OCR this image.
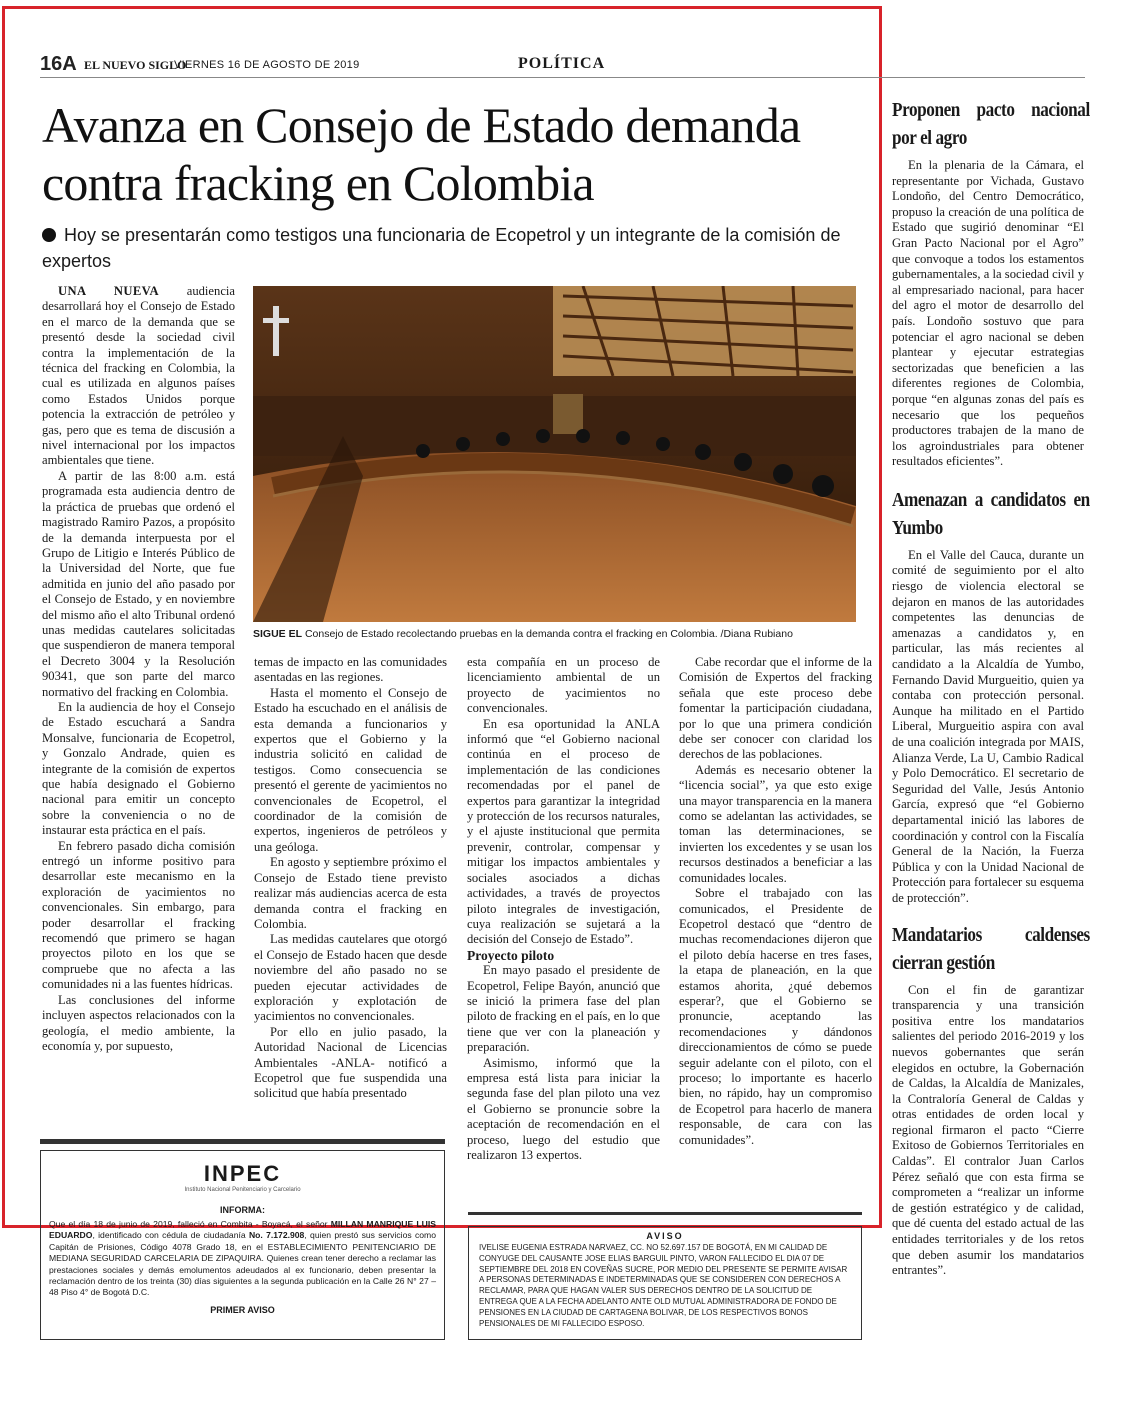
16A EL NUEVO SIGLO
VIERNES 16 DE AGOSTO DE 2019	POLÍTICA
Avanza en Consejo de Estado demanda contra fracking en Colombia
Hoy se presentarán como testigos una funcionaria de Ecopetrol y un integrante de la comisión de expertos

UNA NUEVA audiencia desarrollará hoy el Consejo de Estado en el marco de la demanda que se presentó desde la sociedad civil contra la implementación de la técnica del fracking en Colombia, la cual es utilizada en algunos países como Estados Unidos porque potencia la extracción de petróleo y gas, pero que es tema de discusión a nivel internacional por los impactos ambientales que tiene.

A partir de las 8:00 a.m. está programada esta audiencia dentro de la práctica de pruebas que ordenó el magistrado Ramiro Pazos, a propósito de la demanda interpuesta por el Grupo de Litigio e Interés Público de la Universidad del Norte, que fue admitida en junio del año pasado por el Consejo de Estado, y en noviembre del mismo año el alto Tribunal ordenó unas medidas cautelares solicitadas que suspendieron de manera temporal el Decreto 3004 y la Resolución 90341, que son parte del marco normativo del fracking en Colombia.

En la audiencia de hoy el Consejo de Estado escuchará a Sandra Monsalve, funcionaria de Ecopetrol, y Gonzalo Andrade, quien es integrante de la comisión de expertos que había designado el Gobierno nacional para emitir un concepto sobre la conveniencia o no de instaurar esta práctica en el país.

En febrero pasado dicha comisión entregó un informe positivo para desarrollar este mecanismo en la exploración de yacimientos no convencionales. Sin embargo, para poder desarrollar el fracking recomendó que primero se hagan proyectos piloto en los que se compruebe que no afecta a las comunidades ni a las fuentes hídricas.

Las conclusiones del informe incluyen aspectos relacionados con la geología, el medio ambiente, la economía y, por supuesto,

SIGUE EL Consejo de Estado recolectando pruebas en la demanda contra el fracking en Colombia. /Diana Rubiano

temas de impacto en las comunidades asentadas en las regiones.

Hasta el momento el Consejo de Estado ha escuchado en el análisis de esta demanda a funcionarios y expertos que el Gobierno y la industria solicitó en calidad de testigos. Como consecuencia se presentó el gerente de yacimientos no convencionales de Ecopetrol, el coordinador de la comisión de expertos, ingenieros de petróleos y una geóloga.

En agosto y septiembre próximo el Consejo de Estado tiene previsto realizar más audiencias acerca de esta demanda contra el fracking en Colombia.

Las medidas cautelares que otorgó el Consejo de Estado hacen que desde noviembre del año pasado no se pueden ejecutar actividades de exploración y explotación de yacimientos no convencionales.

Por ello en julio pasado, la Autoridad Nacional de Licencias Ambientales -ANLA- notificó a Ecopetrol que fue suspendida una solicitud que había presentado

esta compañía en un proceso de licenciamiento ambiental de un proyecto de yacimientos no convencionales.

En esa oportunidad la ANLA informó que “el Gobierno nacional continúa en el proceso de implementación de las condiciones recomendadas por el panel de expertos para garantizar la integridad y protección de los recursos naturales, y el ajuste institucional que permita prevenir, controlar, compensar y mitigar los impactos ambientales y sociales asociados a dichas actividades, a través de proyectos piloto integrales de investigación, cuya realización se sujetará a la decisión del Consejo de Estado”.

Proyecto piloto

En mayo pasado el presidente de Ecopetrol, Felipe Bayón, anunció que se inició la primera fase del plan piloto de fracking en el país, en lo que tiene que ver con la planeación y preparación.

Asimismo, informó que la empresa está lista para iniciar la segunda fase del plan piloto una vez el Gobierno se pronuncie sobre la aceptación de recomendación en el proceso, luego del estudio que realizaron 13 expertos.

Cabe recordar que el informe de la Comisión de Expertos del fracking señala que este proceso debe fomentar la participación ciudadana, por lo que una primera condición debe ser conocer con claridad los derechos de las poblaciones.

Además es necesario obtener la “licencia social”, ya que esto exige una mayor transparencia en la manera como se adelantan las actividades, se toman las determinaciones, se invierten los excedentes y se usan los recursos destinados a beneficiar a las comunidades locales.

Sobre el trabajado con las comunicados, el Presidente de Ecopetrol destacó que “dentro de muchas recomendaciones dijeron que el piloto debía hacerse en tres fases, la etapa de planeación, en la que estamos ahorita, ¿qué debemos esperar?, que el Gobierno se pronuncie, aceptando las recomendaciones y dándonos direccionamientos de cómo se puede seguir adelante con el piloto, con el proceso; lo importante es hacerlo bien, no rápido, hay un compromiso de Ecopetrol para hacerlo de manera responsable, de cara con las comunidades”.

Proponen pacto nacional por el agro

En la plenaria de la Cámara, el representante por Vichada, Gustavo Londoño, del Centro Democrático, propuso la creación de una política de Estado que sugirió denominar “El Gran Pacto Nacional por el Agro” que convoque a todos los estamentos gubernamentales, a la sociedad civil y al empresariado nacional, para hacer del agro el motor de desarrollo del país. Londoño sostuvo que para potenciar el agro nacional se deben plantear y ejecutar estrategias sectorizadas que beneficien a las diferentes regiones de Colombia, porque “en algunas zonas del país es necesario que los pequeños productores trabajen de la mano de los agroindustriales para obtener resultados eficientes”.

Amenazan a candidatos en Yumbo

En el Valle del Cauca, durante un comité de seguimiento por el alto riesgo de violencia electoral se dejaron en manos de las autoridades competentes las denuncias de amenazas a candidatos y, en particular, las más recientes al candidato a la Alcaldía de Yumbo, Fernando David Murgueitio, quien ya contaba con protección personal. Aunque ha militado en el Partido Liberal, Murgueitio aspira con aval de una coalición integrada por MAIS, Alianza Verde, La U, Cambio Radical y Polo Democrático. El secretario de Seguridad del Valle, Jesús Antonio García, expresó que “el Gobierno departamental inició las labores de coordinación y control con la Fiscalía General de la Nación, la Fuerza Pública y con la Unidad Nacional de Protección para fortalecer su esquema de protección”.

Mandatarios caldenses cierran gestión

Con el fin de garantizar transparencia y una transición positiva entre los mandatarios salientes del periodo 2016-2019 y los nuevos gobernantes que serán elegidos en octubre, la Gobernación de Caldas, la Alcaldía de Manizales, la Contraloría General de Caldas y otras entidades de orden local y regional firmaron el pacto “Cierre Exitoso de Gobiernos Territoriales en Caldas”. El contralor Juan Carlos Pérez señaló que con esta firma se comprometen a “realizar un informe de gestión estratégico y de calidad, que dé cuenta del estado actual de las entidades territoriales y de los retos que deben asumir los mandatarios entrantes”.

INPEC
Instituto Nacional Penitenciario y Carcelario
INFORMA:
Que el día 18 de junio de 2019, falleció en Combita - Boyacá, el señor MILLAN MANRIQUE LUIS EDUARDO, identificado con cédula de ciudadanía No. 7.172.908, quien prestó sus servicios como Capitán de Prisiones, Código 4078 Grado 18, en el ESTABLECIMIENTO PENITENCIARIO DE MEDIANA SEGURIDAD CARCELARIA DE ZIPAQUIRA. Quienes crean tener derecho a reclamar las prestaciones sociales y demás emolumentos adeudados al ex funcionario, deben presentar la reclamación dentro de los treinta (30) días siguientes a la segunda publicación en la Calle 26 N° 27 – 48 Piso 4° de Bogotá D.C.
PRIMER AVISO
AVISO
IVELISE EUGENIA ESTRADA NARVAEZ, CC. NO 52.697.157 DE BOGOTÁ, EN MI CALIDAD DE CONYUGE DEL CAUSANTE JOSE ELIAS BARGUIL PINTO, VARON FALLECIDO EL DIA 07 DE SEPTIEMBRE DEL 2018 EN COVEÑAS SUCRE, POR MEDIO DEL PRESENTE SE PERMITE AVISAR A PERSONAS DETERMINADAS E INDETERMINADAS QUE SE CONSIDEREN CON DERECHOS A RECLAMAR, PARA QUE HAGAN VALER SUS DERECHOS DENTRO DE LA SOLICITUD DE ENTREGA QUE A LA FECHA ADELANTO ANTE OLD MUTUAL ADMINISTRADORA DE FONDO DE PENSIONES EN LA CIUDAD DE CARTAGENA BOLIVAR, DE LOS RESPECTIVOS BONOS PENSIONALES DE MI FALLECIDO ESPOSO.
